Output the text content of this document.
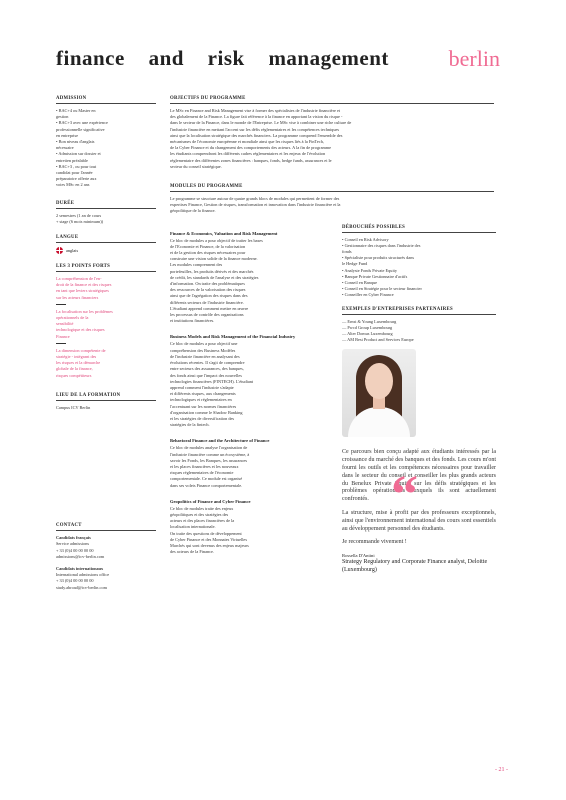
finance and risk management	berlin
ADMISSION
• BAC+4 ou Master en
gestion
• BAC+3 avec une expérience
professionnelle significative
en entreprise
• Bon niveau d'anglais
nécessaire
• Admission sur dossier et
entretien préalable
• BAC+3 , ou pour tout
candidat pour l'année
préparatoire offerte aux
voies MSc en 2 ans
DURÉE
2 semestres (1 an de cours
+ stage (6 mois minimum))
LANGUE
anglais
LES 3 POINTS FORTS
La compréhension de l'en-
droit de la finance et des risques
en tant que leviers stratégiques
sur les acteurs financiers
La focalisation sur les problèmes
opérationnels de la
sensibilité
technologique et des risques
Finance
La dimension compétente de
stratégie - intégrant des
les risques et la démarche
globale de la finance,
risques compétiteurs
LIEU DE LA FORMATION
Campus ICV Berlin
CONTACT
Candidats français
Service admissions
+ 33 (0)4 00 00 00 00
admissions@icv-berlin.com
Candidats internationaux
International admissions office
+ 33 (0)4 00 00 00 00
study.abroad@icv-berlin.com
OBJECTIFS DU PROGRAMME
Le MSc en Finance and Risk Management vise à former des spécialistes de l'industrie financière et
des globalement de la Finance. La figure fait référence à la finance en apportant la vision du risque -
dans le secteur de la Finance, dans le monde de l'Entreprise. Le MSc vise à combiner une riche culture de
l'industrie financière en mettant l'accent sur les défis réglementaires et les compétences techniques
ainsi que la localisation stratégique des marchés financiers. La programme comprend l'ensemble des
mécanismes de l'économie européenne et mondiale ainsi que les risques liés à la FinTech,
de la Cyber Finance et du changement des comportements des acteurs. A la fin de programme
les étudiants comprendront les différents cadres réglementaires et les enjeux de l'évolution
réglementaire des différentes zones financières : banques, fonds, hedge funds, assurances et le
secteur du conseil stratégique.
MODULES DU PROGRAMME
Le programme se structure autour de quatre grands blocs de modules qui permettent de former des
expertises Finance, Gestion de risques, transformation et innovation dans l'industrie financière et la
géopolitique de la finance.
Finance & Economics, Valuation and Risk Management
Ce bloc de modules a pour objectif de traiter les bases
de l'Economie et Finance, de la valorisation
et de la gestion des risques nécessaires pour
construire une vision solide de la finance moderne.
Les modules comprennent des
portefeuilles, les produits dérivés et des marchés
de crédit, les standards de l'analyse et des stratégies
d'information. On traite des problématiques
des ressources de la valorisation des risques
ainsi que de l'agrégation des risques dans des
différents secteurs de l'industrie financière.
L'étudiant apprend comment mettre en œuvre
les processus de contrôle des organisations
et institutions financières.
Business Models and Risk Management of the Financial Industry
Ce bloc de modules a pour objectif une
compréhension des Business Modèles
de l'industrie financière en analysant des
évolutions récentes. Il s'agit de comprendre
entre secteurs des assurances, des banques,
des fonds ainsi que l'impact des nouvelles
technologies financières (FINTECH). L'étudiant
apprend comment l'industrie s'adapte
et différents risques, aux changements
technologiques et réglementaires en
l'accentuant sur les normes financières
d'organisation comme le Shadow Banking
et les stratégies de diversification des
stratégies de la fintech.
Behavioral Finance and the Architecture of Finance
Ce bloc de modules analyse l'organisation de
l'industrie financière comme un écosystème, à
savoir les Fonds, les Banques, les assurances
et les places financières et les nouveaux
risques réglementaires de l'économie
comportementale. Ce module est organisé
dans ses volets Finance comportementale.
Geopolitics of Finance and Cyber Finance
Ce bloc de modules traite des enjeux
géopolitiques et des stratégies des
acteurs et des places financières de la
localisation internationale.
On traite des questions de développement
de Cyber Finance et des Monnaies Virtuelles
Marchés qui sont devenus des enjeux majeurs
des acteurs de la Finance.
DÉBOUCHÉS POSSIBLES
• Conseil en Risk Advisory
• Gestionnaire des risques dans l'industrie des
fonds
• Spécialiste pour produits structurés dans
le Hedge Fund
• Analyste Fonds Private Equity
• Banque Private Gestionnaire d'actifs
• Conseil en Banque
• Conseil en Stratégie pour le secteur financier
• Conseiller en Cyber Finance
EXEMPLES D'ENTREPRISES PARTENAIRES
— Ernst & Young Luxembourg
— Pwcd Group Luxembourg
— Alter Domus Luxembourg
— AM Best Product and Services Europe

Ce parcours bien conçu adapté aux étudiants intéressés par la croissance du marché des banques et des fonds. Les cours m'ont fourni les outils et les compétences nécessaires pour travailler dans le secteur du conseil et conseiller les plus grands acteurs du Benelux Private Equity sur les défis stratégiques et les problèmes opérationnels auxquels ils sont actuellement confrontés.

La structure, mise à profit par des professeurs exceptionnels, ainsi que l'environnement international des cours sont essentiels au développement personnel des étudiants.

Je recommande vivement !

Rossella D'Antini
Strategy Regulatory and Corporate Finance analyst, Deloitte (Luxembourg)
“
- 21 -
